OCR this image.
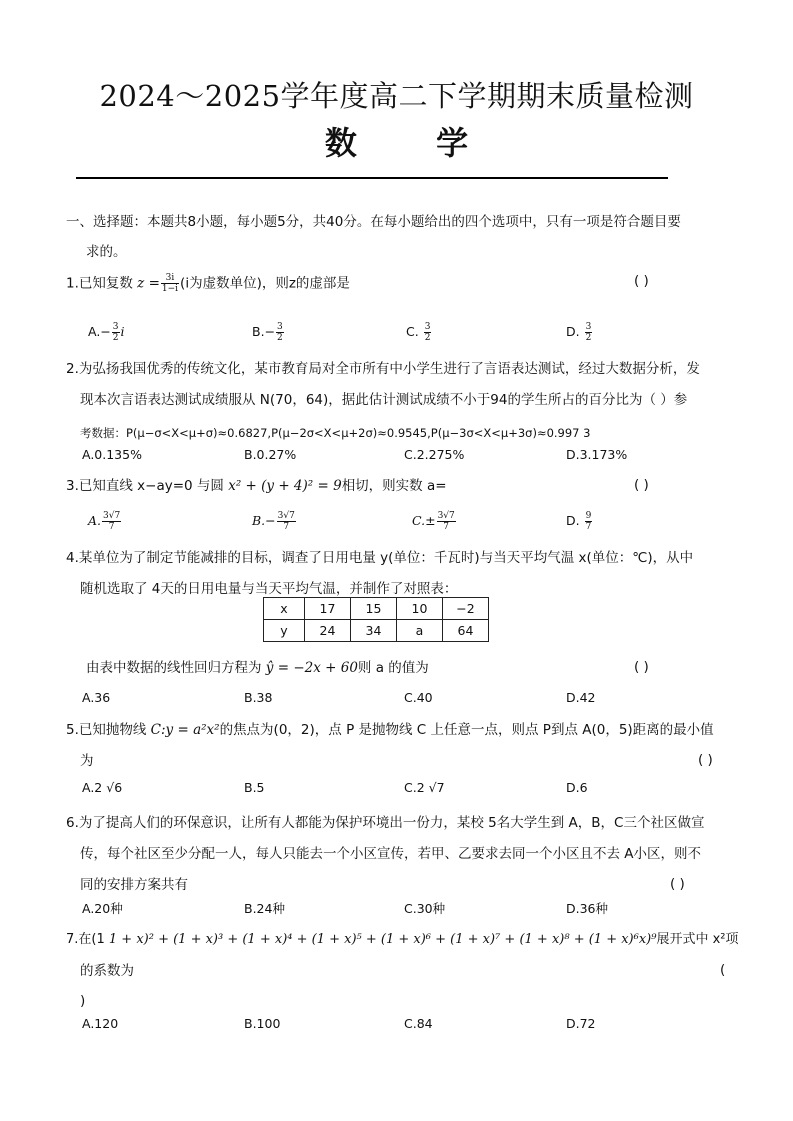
2024～2025学年度高二下学期期末质量检测
数 学
一、选择题：本题共8小题，每小题5分，共40分。在每小题给出的四个选项中，只有一项是符合题目要
求的。
1.已知复数 $z = \frac{3i}{1-i} (i$为虚数单位)，则z的虚部是	( )
$A.- \frac{3}{2}$ i	$B.- \frac{3}{2}$	C. $\frac{3}{2}$	D. $\frac{3}{2}$
2.为弘扬我国优秀的传统文化，某市教育局对全市所有中小学生进行了言语表达测试，经过大数据分析，发
现本次言语表达测试成绩服从 N(70，64)，据此估计测试成绩不小于94的学生所占的百分比为（ ）参
考数据：P(μ−σ<X<μ+σ)≈0.6827,P(μ−2σ<X<μ+2σ)≈0.9545,P(μ−3σ<X<μ+3σ)≈0.997 3
A.0.135%	B.0.27%	C.2.275%	D.3.173%
3.已知直线 x−ay=0 与圆 x² + (y + 4)² = 9相切，则实数 a=	( )
A. $\frac{3√7}{7}$	$B.- \frac{3√7}{7}$	$C.\pm \frac{3√7}{7}$	D. $\frac{9}{7}$
4.某单位为了制定节能减排的目标，调查了日用电量 y(单位：千瓦时)与当天平均气温 x(单位：℃)，从中
随机选取了 4天的日用电量与当天平均气温，并制作了对照表：
x	17	15	10	−2
y	24	34	a	64
由表中数据的线性回归方程为 ŷ = −2x + 60则 a 的值为	( )
A.36	B.38	C.40	D.42
5.已知抛物线 C:y = a²x²的焦点为(0，2)，点 P 是抛物线 C 上任意一点，则点 P到点 A(0，5)距离的最小值
为	( )
A.2 √6	B.5	C.2 √7	D.6
6.为了提高人们的环保意识，让所有人都能为保护环境出一份力，某校 5名大学生到 A，B，C三个社区做宣
传，每个社区至少分配一人，每人只能去一个小区宣传，若甲、乙要求去同一个小区且不去 A小区，则不
同的安排方案共有	( )
A.20种	B.24种	C.30种	D.36种
7.在(1 1 + x)² + (1 + x)³ + (1 + x)⁴ + (1 + x)⁵ + (1 + x)⁶ + (1 + x)⁷ + (1 + x)⁸ + (1 + x)⁶x)⁹展开式中 x²项
的系数为	(
)
A.120	B.100	C.84	D.72
